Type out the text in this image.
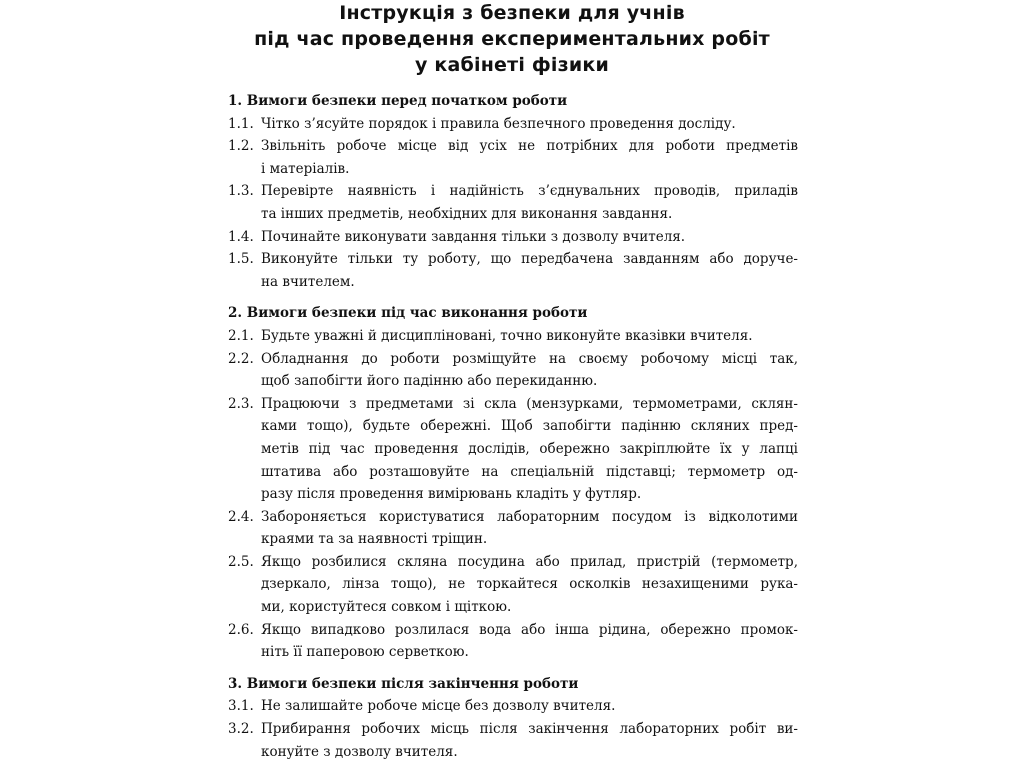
Інструкція з безпеки для учнів
під час проведення експериментальних робіт
у кабінеті фізики
1. Вимоги безпеки перед початком роботи
1.1. Чітко з’ясуйте порядок і правила безпечного проведення досліду.
1.2. Звільніть робоче місце від усіх не потрібних для роботи предметів
і матеріалів.
1.3. Перевірте наявність і надійність з’єднувальних проводів, приладів
та інших предметів, необхідних для виконання завдання.
1.4. Починайте виконувати завдання тільки з дозволу вчителя.
1.5. Виконуйте тільки ту роботу, що передбачена завданням або доруче-
на вчителем.
2. Вимоги безпеки під час виконання роботи
2.1. Будьте уважні й дисципліновані, точно виконуйте вказівки вчителя.
2.2. Обладнання до роботи розміщуйте на своєму робочому місці так,
щоб запобігти його падінню або перекиданню.
2.3. Працюючи з предметами зі скла (мензурками, термометрами, склян-
ками тощо), будьте обережні. Щоб запобігти падінню скляних пред-
метів під час проведення дослідів, обережно закріплюйте їх у лапці
штатива або розташовуйте на спеціальній підставці; термометр од-
разу після проведення вимірювань кладіть у футляр.
2.4. Забороняється користуватися лабораторним посудом із відколотими
краями та за наявності тріщин.
2.5. Якщо розбилися скляна посудина або прилад, пристрій (термометр,
дзеркало, лінза тощо), не торкайтеся осколків незахищеними рука-
ми, користуйтеся совком і щіткою.
2.6. Якщо випадково розлилася вода або інша рідина, обережно промок-
ніть її паперовою серветкою.
3. Вимоги безпеки після закінчення роботи
3.1. Не залишайте робоче місце без дозволу вчителя.
3.2. Прибирання робочих місць після закінчення лабораторних робіт ви-
конуйте з дозволу вчителя.
